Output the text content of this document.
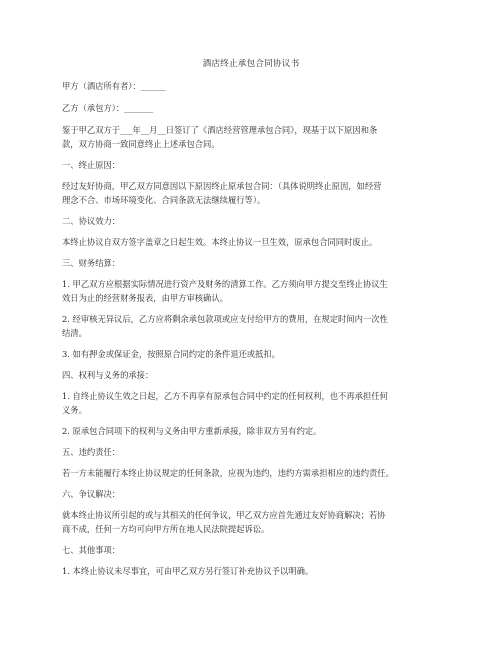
酒店终止承包合同协议书
甲方（酒店所有者）：______
乙方（承包方）：_______
鉴于甲乙双方于___年__月__日签订了《酒店经营管理承包合同》，现基于以下原因和条
款，双方协商一致同意终止上述承包合同。
一、终止原因：
经过友好协商，甲乙双方同意因以下原因终止原承包合同：（具体说明终止原因，如经营
理念不合、市场环境变化、合同条款无法继续履行等）。
二、协议效力：
本终止协议自双方签字盖章之日起生效。本终止协议一旦生效，原承包合同同时废止。
三、财务结算：
1. 甲乙双方应根据实际情况进行资产及财务的清算工作。乙方须向甲方提交至终止协议生
效日为止的经营财务报表，由甲方审核确认。
2. 经审核无异议后，乙方应将剩余承包款项或应支付给甲方的费用，在规定时间内一次性
结清。
3. 如有押金或保证金，按照原合同约定的条件退还或抵扣。
四、权利与义务的承接：
1. 自终止协议生效之日起，乙方不再享有原承包合同中约定的任何权利，也不再承担任何
义务。
2. 原承包合同项下的权利与义务由甲方重新承接，除非双方另有约定。
五、违约责任：
若一方未能履行本终止协议规定的任何条款，应视为违约，违约方需承担相应的违约责任。
六、争议解决：
就本终止协议所引起的或与其相关的任何争议，甲乙双方应首先通过友好协商解决；若协
商不成，任何一方均可向甲方所在地人民法院提起诉讼。
七、其他事项：
1. 本终止协议未尽事宜，可由甲乙双方另行签订补充协议予以明确。
